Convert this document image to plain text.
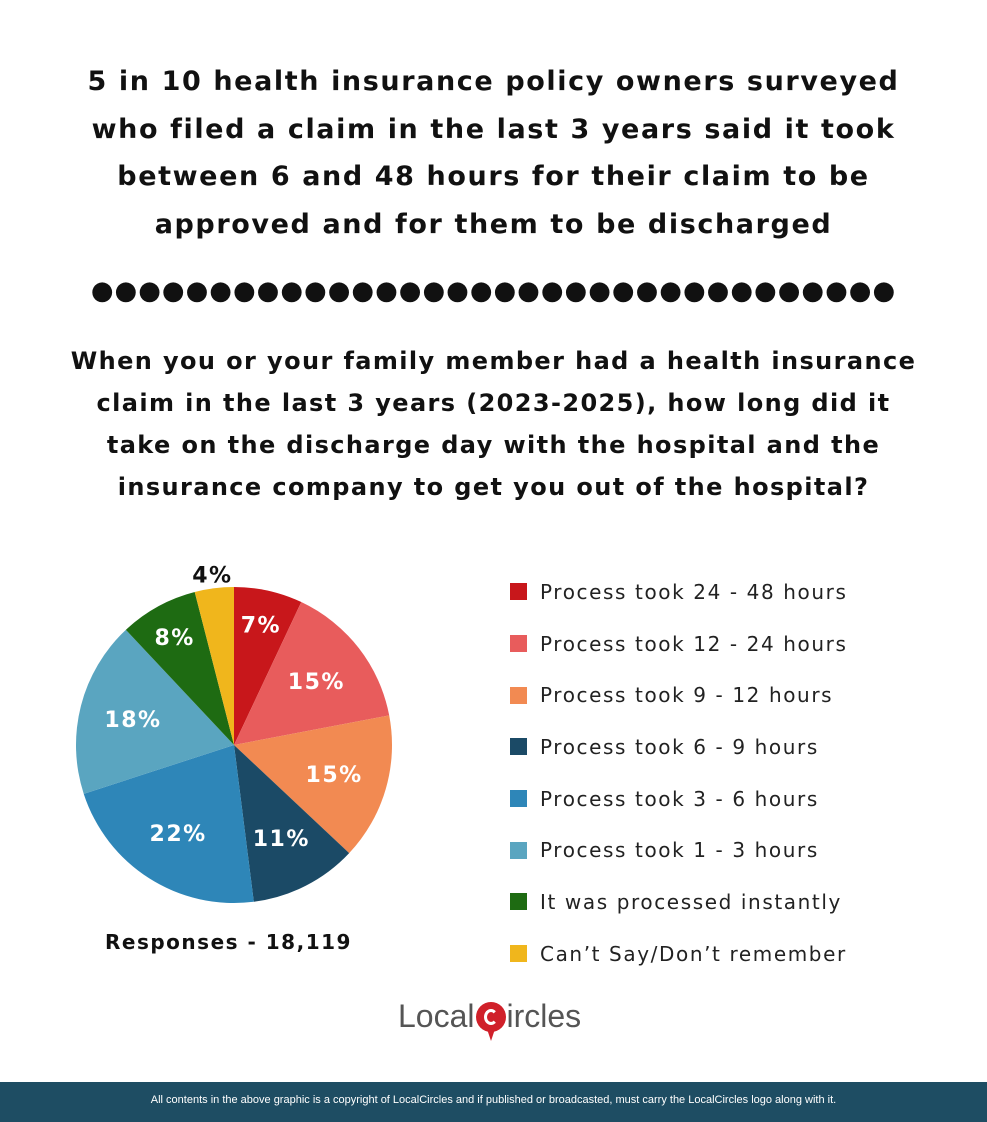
5 in 10 health insurance policy owners surveyed
who filed a claim in the last 3 years said it took
between 6 and 48 hours for their claim to be
approved and for them to be discharged
●●●●●●●●●●●●●●●●●●●●●●●●●●●●●●●●●●
When you or your family member had a health insurance
claim in the last 3 years (2023-2025), how long did it
take on the discharge day with the hospital and the
insurance company to get you out of the hospital?
7%
15%
15%
11%
22%
18%
8%
4%
Responses - 18,119
Process took 24 - 48 hours
Process took 12 - 24 hours
Process took 9 - 12 hours
Process took 6 - 9 hours
Process took 3 - 6 hours
Process took 1 - 3 hours
It was processed instantly
Can’t Say/Don’t remember
Local ircles
All contents in the above graphic is a copyright of LocalCircles and if published or broadcasted, must carry the LocalCircles logo along with it.
